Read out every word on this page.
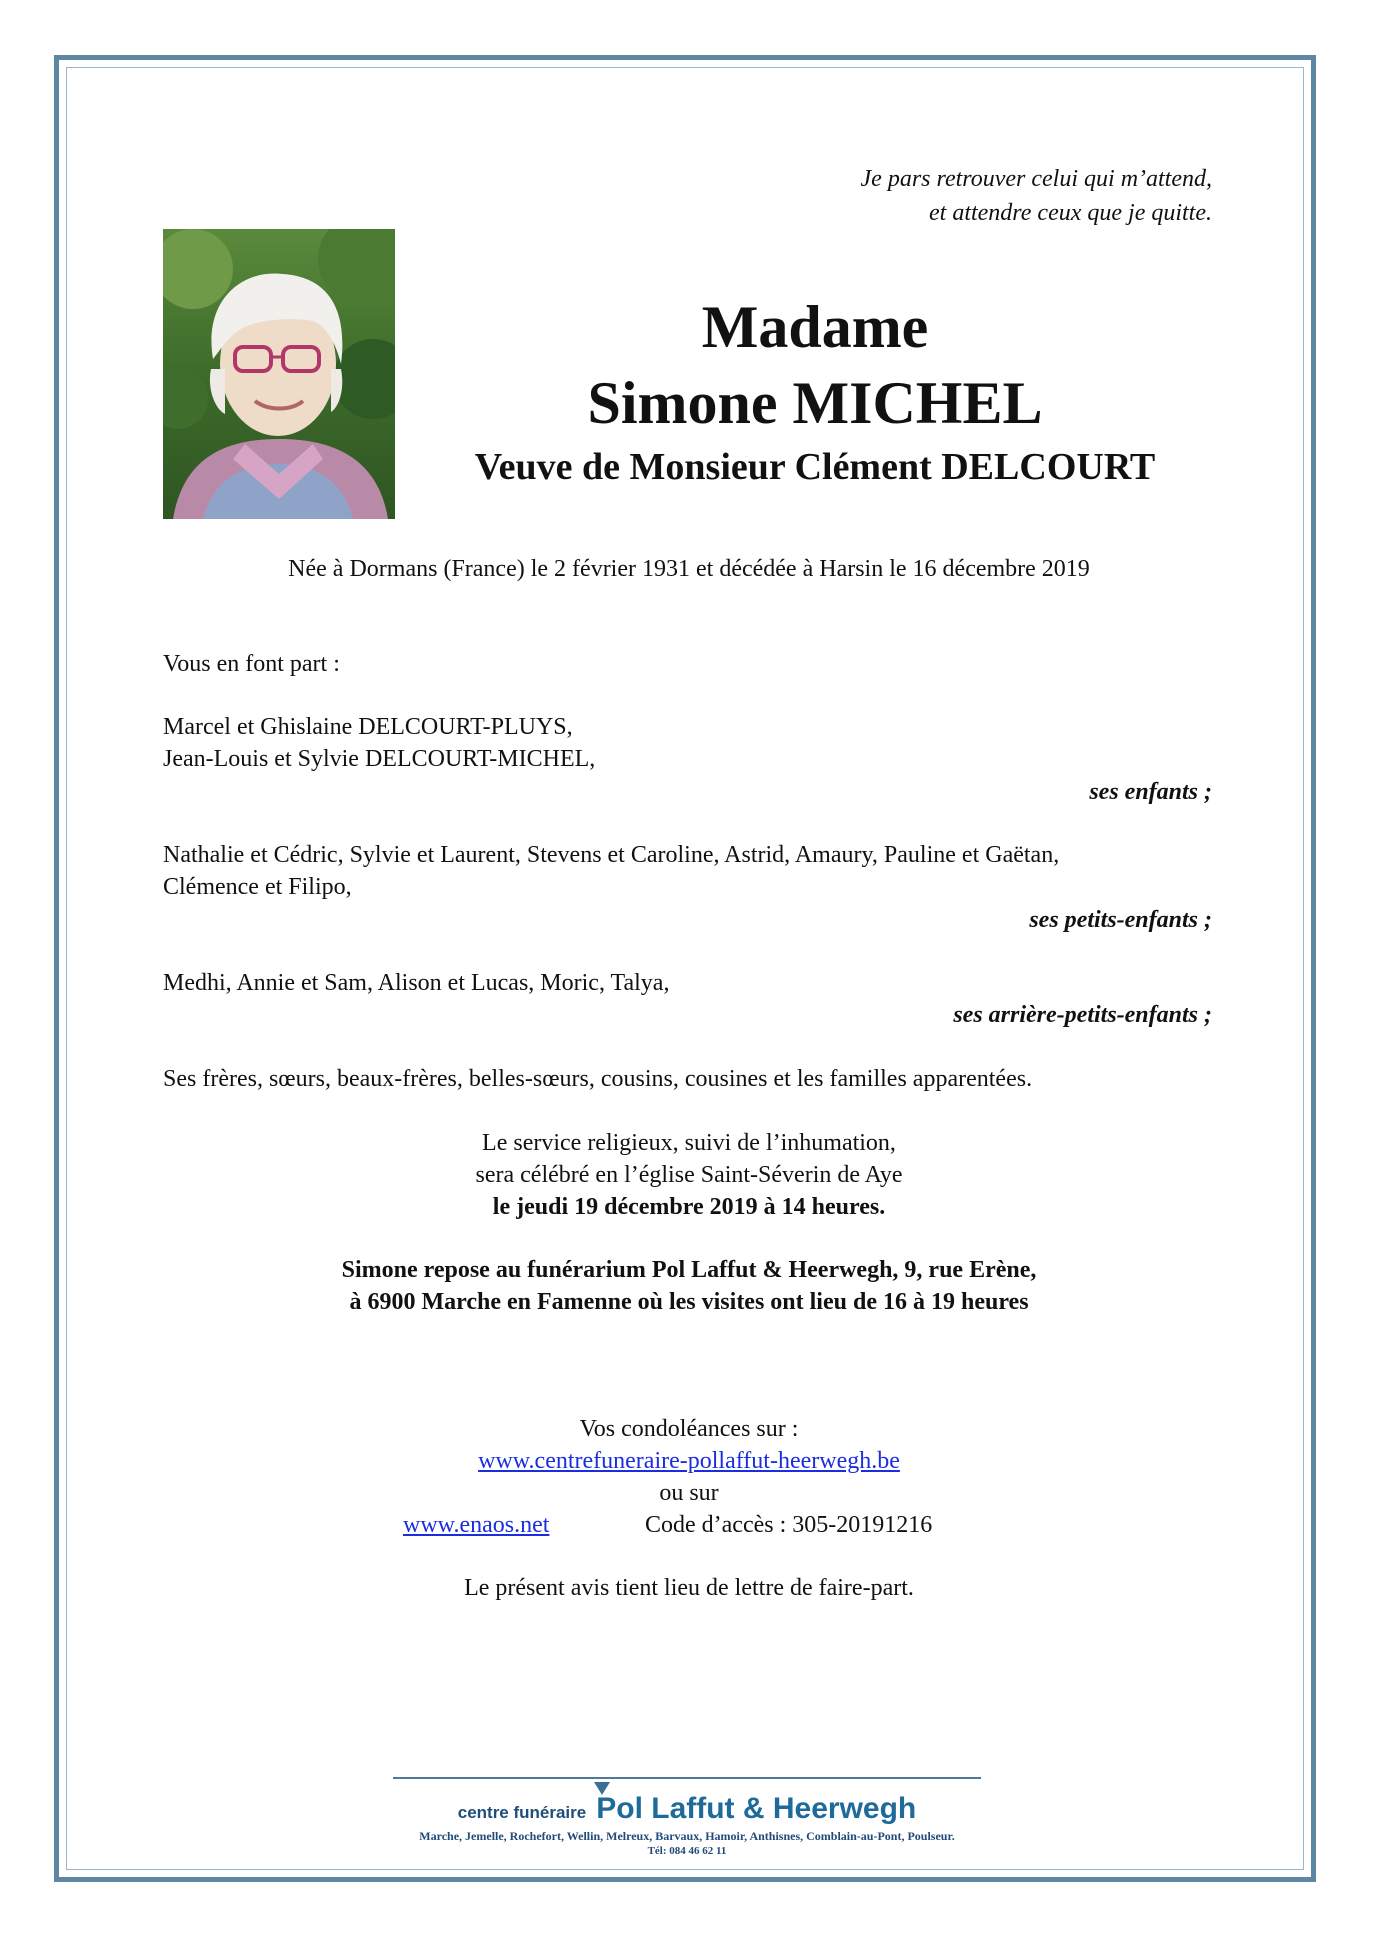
Je pars retrouver celui qui m’attend,
et attendre ceux que je quitte.
Madame
Simone MICHEL
Veuve de Monsieur Clément DELCOURT
Née à Dormans (France) le 2 février 1931 et décédée à Harsin le 16 décembre 2019
Vous en font part :
Marcel et Ghislaine DELCOURT-PLUYS,
Jean-Louis et Sylvie DELCOURT-MICHEL,
ses enfants ;
Nathalie et Cédric, Sylvie et Laurent, Stevens et Caroline, Astrid, Amaury, Pauline et Gaëtan,
Clémence et Filipo,
ses petits-enfants ;
Medhi, Annie et Sam, Alison et Lucas, Moric, Talya,
ses arrière-petits-enfants ;
Ses frères, sœurs, beaux-frères, belles-sœurs, cousins, cousines et les familles apparentées.
Le service religieux, suivi de l’inhumation,
sera célébré en l’église Saint-Séverin de Aye
le jeudi 19 décembre 2019 à 14 heures.
Simone repose au funérarium Pol Laffut & Heerwegh, 9, rue Erène,
à 6900 Marche en Famenne où les visites ont lieu de 16 à 19 heures
Vos condoléances sur :
www.centrefuneraire-pollaffut-heerwegh.be
ou sur
www.enaos.net	Code d’accès : 305-20191216
Le présent avis tient lieu de lettre de faire-part.
centre funéraire Pol Laffut & Heerwegh
Marche, Jemelle, Rochefort, Wellin, Melreux, Barvaux, Hamoir, Anthisnes, Comblain-au-Pont, Poulseur.
Tél: 084 46 62 11
